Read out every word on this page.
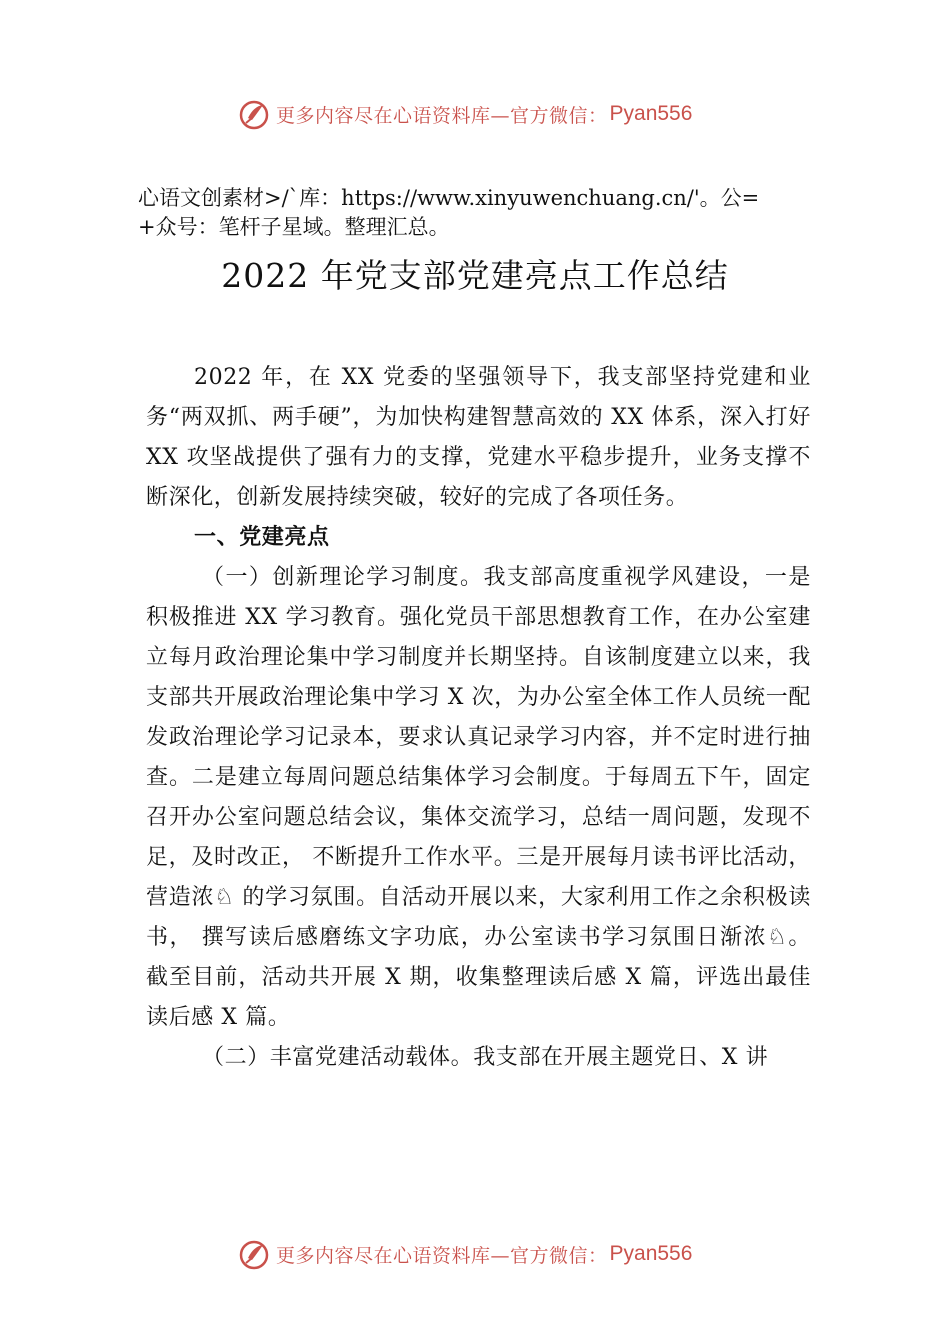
更多内容尽在心语资料库—官方微信： Pyan556

心语文创素材>/`库：https://www.xinyuwenchuang.cn/'。公=

+众号：笔杆子星域。整理汇总。

2022 年党支部党建亮点工作总结

2022 年，在 XX 党委的坚强领导下，我支部坚持党建和业务“两双抓、两手硬”，为加快构建智慧高效的 XX 体系，深入打好 XX 攻坚战提供了强有力的支撑，党建水平稳步提升，业务支撑不断深化，创新发展持续突破，较好的完成了各项任务。

一、党建亮点

（一）创新理论学习制度。我支部高度重视学风建设，一是积极推进 XX 学习教育。强化党员干部思想教育工作，在办公室建立每月政治理论集中学习制度并长期坚持。自该制度建立以来，我支部共开展政治理论集中学习 X 次，为办公室全体工作人员统一配发政治理论学习记录本，要求认真记录学习内容，并不定时进行抽查。二是建立每周问题总结集体学习会制度。于每周五下午，固定召开办公室问题总结会议，集体交流学习，总结一周问题，发现不足，及时改正， 不断提升工作水平。三是开展每月读书评比活动，营造浓♘ 的学习氛围。自活动开展以来，大家利用工作之余积极读书， 撰写读后感磨练文字功底，办公室读书学习氛围日渐浓♘。 截至目前，活动共开展 X 期，收集整理读后感 X 篇，评选出最佳读后感 X 篇。

（二）丰富党建活动载体。我支部在开展主题党日、X 讲

更多内容尽在心语资料库—官方微信： Pyan556
